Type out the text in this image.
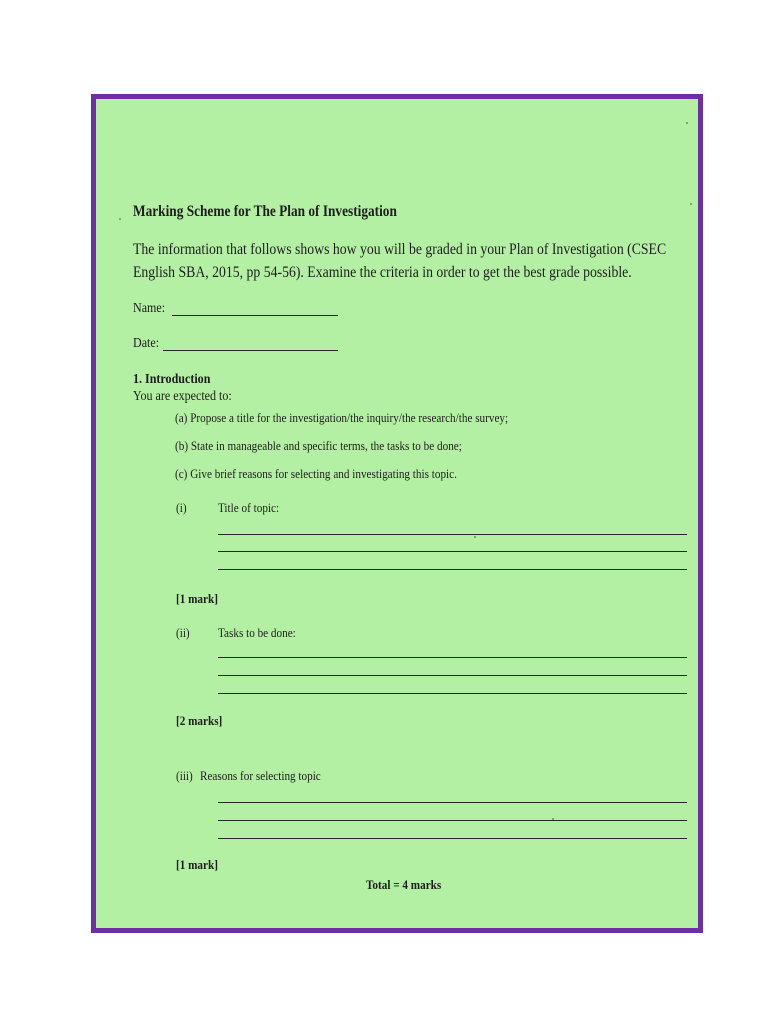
Marking Scheme for The Plan of Investigation
The information that follows shows how you will be graded in your Plan of Investigation (CSEC
English SBA, 2015, pp 54-56). Examine the criteria in order to get the best grade possible.
Name:
Date:
1. Introduction
You are expected to:
(a) Propose a title for the investigation/the inquiry/the research/the survey;
(b) State in manageable and specific terms, the tasks to be done;
(c) Give brief reasons for selecting and investigating this topic.
(i) Title of topic:
[1 mark]
(ii) Tasks to be done:
[2 marks]
(iii) Reasons for selecting topic
[1 mark]
Total = 4 marks
